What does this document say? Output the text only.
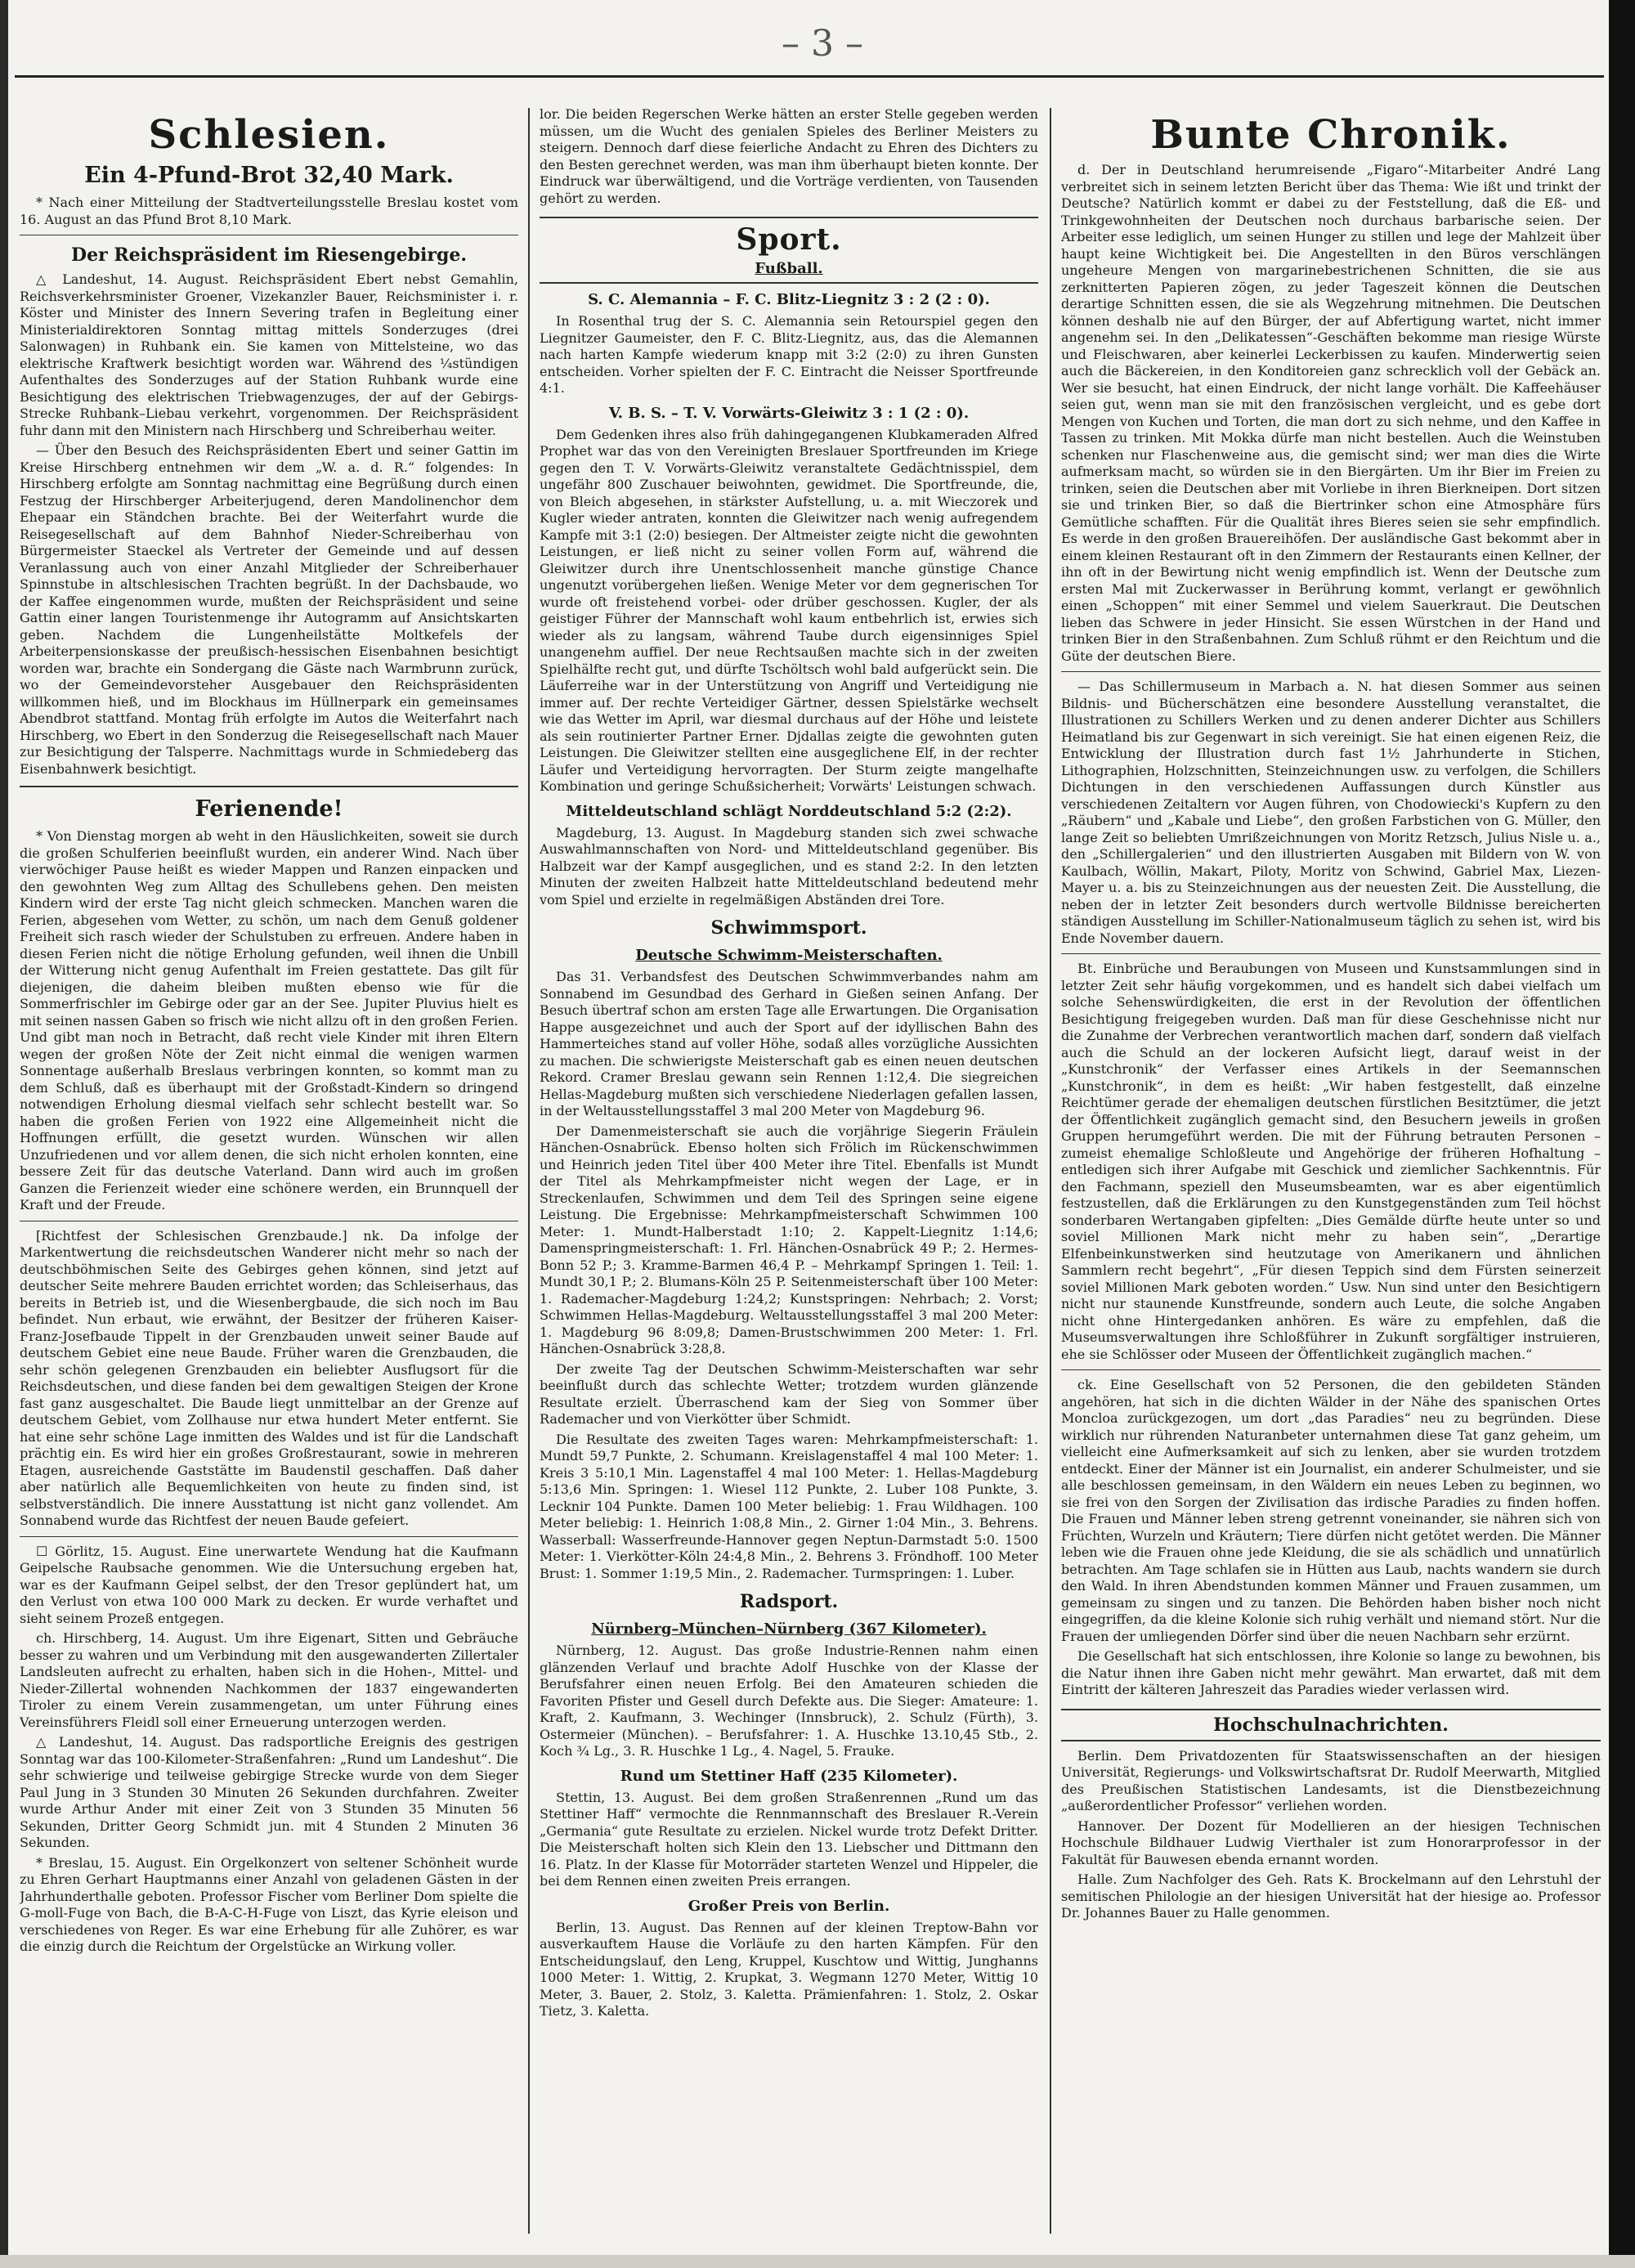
– 3 –
Schlesien.
Ein 4-Pfund-Brot 32,40 Mark.

* Nach einer Mitteilung der Stadtverteilungsstelle Breslau kostet vom 16. August an das Pfund Brot 8,10 Mark.

Der Reichspräsident im Riesengebirge.

△ Landeshut, 14. August. Reichspräsident Ebert nebst Gemahlin, Reichsverkehrsminister Groener, Vizekanzler Bauer, Reichsminister i. r. Köster und Minister des Innern Severing trafen in Begleitung einer Ministerialdirektoren Sonntag mittag mittels Sonderzuges (drei Salonwagen) in Ruhbank ein. Sie kamen von Mittelsteine, wo das elektrische Kraftwerk besichtigt worden war. Während des ¼stündigen Aufenthaltes des Sonderzuges auf der Station Ruhbank wurde eine Besichtigung des elektrischen Triebwagenzuges, der auf der Gebirgs-Strecke Ruhbank–Liebau verkehrt, vorgenommen. Der Reichspräsident fuhr dann mit den Ministern nach Hirschberg und Schreiberhau weiter.

— Über den Besuch des Reichspräsidenten Ebert und seiner Gattin im Kreise Hirschberg entnehmen wir dem „W. a. d. R.“ folgendes: In Hirschberg erfolgte am Sonntag nachmittag eine Begrüßung durch einen Festzug der Hirschberger Arbeiterjugend, deren Mandolinenchor dem Ehepaar ein Ständchen brachte. Bei der Weiterfahrt wurde die Reisegesellschaft auf dem Bahnhof Nieder-Schreiberhau von Bürgermeister Staeckel als Vertreter der Gemeinde und auf dessen Veranlassung auch von einer Anzahl Mitglieder der Schreiberhauer Spinnstube in altschlesischen Trachten begrüßt. In der Dachsbaude, wo der Kaffee eingenommen wurde, mußten der Reichspräsident und seine Gattin einer langen Touristenmenge ihr Autogramm auf Ansichtskarten geben. Nachdem die Lungenheilstätte Moltkefels der Arbeiterpensionskasse der preußisch-hessischen Eisenbahnen besichtigt worden war, brachte ein Sondergang die Gäste nach Warmbrunn zurück, wo der Gemeindevorsteher Ausgebauer den Reichspräsidenten willkommen hieß, und im Blockhaus im Hüllnerpark ein gemeinsames Abendbrot stattfand. Montag früh erfolgte im Autos die Weiterfahrt nach Hirschberg, wo Ebert in den Sonderzug die Reisegesellschaft nach Mauer zur Besichtigung der Talsperre. Nachmittags wurde in Schmiedeberg das Eisenbahnwerk besichtigt.

Ferienende!

* Von Dienstag morgen ab weht in den Häuslichkeiten, soweit sie durch die großen Schulferien beeinflußt wurden, ein anderer Wind. Nach über vierwöchiger Pause heißt es wieder Mappen und Ranzen einpacken und den gewohnten Weg zum Alltag des Schullebens gehen. Den meisten Kindern wird der erste Tag nicht gleich schmecken. Manchen waren die Ferien, abgesehen vom Wetter, zu schön, um nach dem Genuß goldener Freiheit sich rasch wieder der Schulstuben zu erfreuen. Andere haben in diesen Ferien nicht die nötige Erholung gefunden, weil ihnen die Unbill der Witterung nicht genug Aufenthalt im Freien gestattete. Das gilt für diejenigen, die daheim bleiben mußten ebenso wie für die Sommerfrischler im Gebirge oder gar an der See. Jupiter Pluvius hielt es mit seinen nassen Gaben so frisch wie nicht allzu oft in den großen Ferien. Und gibt man noch in Betracht, daß recht viele Kinder mit ihren Eltern wegen der großen Nöte der Zeit nicht einmal die wenigen warmen Sonnentage außerhalb Breslaus verbringen konnten, so kommt man zu dem Schluß, daß es überhaupt mit der Großstadt-Kindern so dringend notwendigen Erholung diesmal vielfach sehr schlecht bestellt war. So haben die großen Ferien von 1922 eine Allgemeinheit nicht die Hoffnungen erfüllt, die gesetzt wurden. Wünschen wir allen Unzufriedenen und vor allem denen, die sich nicht erholen konnten, eine bessere Zeit für das deutsche Vaterland. Dann wird auch im großen Ganzen die Ferienzeit wieder eine schönere werden, ein Brunnquell der Kraft und der Freude.

[Richtfest der Schlesischen Grenzbaude.] nk. Da infolge der Markentwertung die reichsdeutschen Wanderer nicht mehr so nach der deutschböhmischen Seite des Gebirges gehen können, sind jetzt auf deutscher Seite mehrere Bauden errichtet worden; das Schleiserhaus, das bereits in Betrieb ist, und die Wiesenbergbaude, die sich noch im Bau befindet. Nun erbaut, wie erwähnt, der Besitzer der früheren Kaiser-Franz-Josefbaude Tippelt in der Grenzbauden unweit seiner Baude auf deutschem Gebiet eine neue Baude. Früher waren die Grenzbauden, die sehr schön gelegenen Grenzbauden ein beliebter Ausflugsort für die Reichsdeutschen, und diese fanden bei dem gewaltigen Steigen der Krone fast ganz ausgeschaltet. Die Baude liegt unmittelbar an der Grenze auf deutschem Gebiet, vom Zollhause nur etwa hundert Meter entfernt. Sie hat eine sehr schöne Lage inmitten des Waldes und ist für die Landschaft prächtig ein. Es wird hier ein großes Großrestaurant, sowie in mehreren Etagen, ausreichende Gaststätte im Baudenstil geschaffen. Daß daher aber natürlich alle Bequemlichkeiten von heute zu finden sind, ist selbstverständlich. Die innere Ausstattung ist nicht ganz vollendet. Am Sonnabend wurde das Richtfest der neuen Baude gefeiert.

☐ Görlitz, 15. August. Eine unerwartete Wendung hat die Kaufmann Geipelsche Raubsache genommen. Wie die Untersuchung ergeben hat, war es der Kaufmann Geipel selbst, der den Tresor geplündert hat, um den Verlust von etwa 100 000 Mark zu decken. Er wurde verhaftet und sieht seinem Prozeß entgegen.

ch. Hirschberg, 14. August. Um ihre Eigenart, Sitten und Gebräuche besser zu wahren und um Verbindung mit den ausgewanderten Zillertaler Landsleuten aufrecht zu erhalten, haben sich in die Hohen-, Mittel- und Nieder-Zillertal wohnenden Nachkommen der 1837 eingewanderten Tiroler zu einem Verein zusammengetan, um unter Führung eines Vereinsführers Fleidl soll einer Erneuerung unterzogen werden.

△ Landeshut, 14. August. Das radsportliche Ereignis des gestrigen Sonntag war das 100-Kilometer-Straßenfahren: „Rund um Landeshut“. Die sehr schwierige und teilweise gebirgige Strecke wurde von dem Sieger Paul Jung in 3 Stunden 30 Minuten 26 Sekunden durchfahren. Zweiter wurde Arthur Ander mit einer Zeit von 3 Stunden 35 Minuten 56 Sekunden, Dritter Georg Schmidt jun. mit 4 Stunden 2 Minuten 36 Sekunden.

* Breslau, 15. August. Ein Orgelkonzert von seltener Schönheit wurde zu Ehren Gerhart Hauptmanns einer Anzahl von geladenen Gästen in der Jahrhunderthalle geboten. Professor Fischer vom Berliner Dom spielte die G-moll-Fuge von Bach, die B-A-C-H-Fuge von Liszt, das Kyrie eleison und verschiedenes von Reger. Es war eine Erhebung für alle Zuhörer, es war die einzig durch die Reichtum der Orgelstücke an Wirkung voller.

lor. Die beiden Regerschen Werke hätten an erster Stelle gegeben werden müssen, um die Wucht des genialen Spieles des Berliner Meisters zu steigern. Dennoch darf diese feierliche Andacht zu Ehren des Dichters zu den Besten gerechnet werden, was man ihm überhaupt bieten konnte. Der Eindruck war überwältigend, und die Vorträge verdienten, von Tausenden gehört zu werden.

Sport.
Fußball.
S. C. Alemannia – F. C. Blitz-Liegnitz 3 : 2 (2 : 0).

In Rosenthal trug der S. C. Alemannia sein Retourspiel gegen den Liegnitzer Gaumeister, den F. C. Blitz-Liegnitz, aus, das die Alemannen nach harten Kampfe wiederum knapp mit 3:2 (2:0) zu ihren Gunsten entscheiden. Vorher spielten der F. C. Eintracht die Neisser Sportfreunde 4:1.

V. B. S. – T. V. Vorwärts-Gleiwitz 3 : 1 (2 : 0).

Dem Gedenken ihres also früh dahingegangenen Klubkameraden Alfred Prophet war das von den Vereinigten Breslauer Sportfreunden im Kriege gegen den T. V. Vorwärts-Gleiwitz veranstaltete Gedächtnisspiel, dem ungefähr 800 Zuschauer beiwohnten, gewidmet. Die Sportfreunde, die, von Bleich abgesehen, in stärkster Aufstellung, u. a. mit Wieczorek und Kugler wieder antraten, konnten die Gleiwitzer nach wenig aufregendem Kampfe mit 3:1 (2:0) besiegen. Der Altmeister zeigte nicht die gewohnten Leistungen, er ließ nicht zu seiner vollen Form auf, während die Gleiwitzer durch ihre Unentschlossenheit manche günstige Chance ungenutzt vorübergehen ließen. Wenige Meter vor dem gegnerischen Tor wurde oft freistehend vorbei- oder drüber geschossen. Kugler, der als geistiger Führer der Mannschaft wohl kaum entbehrlich ist, erwies sich wieder als zu langsam, während Taube durch eigensinniges Spiel unangenehm auffiel. Der neue Rechtsaußen machte sich in der zweiten Spielhälfte recht gut, und dürfte Tschöltsch wohl bald aufgerückt sein. Die Läuferreihe war in der Unterstützung von Angriff und Verteidigung nie immer auf. Der rechte Verteidiger Gärtner, dessen Spielstärke wechselt wie das Wetter im April, war diesmal durchaus auf der Höhe und leistete als sein routinierter Partner Erner. Djdallas zeigte die gewohnten guten Leistungen. Die Gleiwitzer stellten eine ausgeglichene Elf, in der rechter Läufer und Verteidigung hervorragten. Der Sturm zeigte mangelhafte Kombination und geringe Schußsicherheit; Vorwärts' Leistungen schwach.

Mitteldeutschland schlägt Norddeutschland 5:2 (2:2).

Magdeburg, 13. August. In Magdeburg standen sich zwei schwache Auswahlmannschaften von Nord- und Mitteldeutschland gegenüber. Bis Halbzeit war der Kampf ausgeglichen, und es stand 2:2. In den letzten Minuten der zweiten Halbzeit hatte Mitteldeutschland bedeutend mehr vom Spiel und erzielte in regelmäßigen Abständen drei Tore.

Schwimmsport.
Deutsche Schwimm-Meisterschaften.

Das 31. Verbandsfest des Deutschen Schwimmverbandes nahm am Sonnabend im Gesundbad des Gerhard in Gießen seinen Anfang. Der Besuch übertraf schon am ersten Tage alle Erwartungen. Die Organisation Happe ausgezeichnet und auch der Sport auf der idyllischen Bahn des Hammerteiches stand auf voller Höhe, sodaß alles vorzügliche Aussichten zu machen. Die schwierigste Meisterschaft gab es einen neuen deutschen Rekord. Cramer Breslau gewann sein Rennen 1:12,4. Die siegreichen Hellas-Magdeburg mußten sich verschiedene Niederlagen gefallen lassen, in der Weltausstellungsstaffel 3 mal 200 Meter von Magdeburg 96.

Der Damenmeisterschaft sie auch die vorjährige Siegerin Fräulein Hänchen-Osnabrück. Ebenso holten sich Frölich im Rückenschwimmen und Heinrich jeden Titel über 400 Meter ihre Titel. Ebenfalls ist Mundt der Titel als Mehrkampfmeister nicht wegen der Lage, er in Streckenlaufen, Schwimmen und dem Teil des Springen seine eigene Leistung. Die Ergebnisse: Mehrkampfmeisterschaft Schwimmen 100 Meter: 1. Mundt-Halberstadt 1:10; 2. Kappelt-Liegnitz 1:14,6; Damenspringmeisterschaft: 1. Frl. Hänchen-Osnabrück 49 P.; 2. Hermes-Bonn 52 P.; 3. Kramme-Barmen 46,4 P. – Mehrkampf Springen 1. Teil: 1. Mundt 30,1 P.; 2. Blumans-Köln 25 P. Seitenmeisterschaft über 100 Meter: 1. Rademacher-Magdeburg 1:24,2; Kunstspringen: Nehrbach; 2. Vorst; Schwimmen Hellas-Magdeburg. Weltausstellungsstaffel 3 mal 200 Meter: 1. Magdeburg 96 8:09,8; Damen-Brustschwimmen 200 Meter: 1. Frl. Hänchen-Osnabrück 3:28,8.

Der zweite Tag der Deutschen Schwimm-Meisterschaften war sehr beeinflußt durch das schlechte Wetter; trotzdem wurden glänzende Resultate erzielt. Überraschend kam der Sieg von Sommer über Rademacher und von Vierkötter über Schmidt.

Die Resultate des zweiten Tages waren: Mehrkampfmeisterschaft: 1. Mundt 59,7 Punkte, 2. Schumann. Kreislagenstaffel 4 mal 100 Meter: 1. Kreis 3 5:10,1 Min. Lagenstaffel 4 mal 100 Meter: 1. Hellas-Magdeburg 5:13,6 Min. Springen: 1. Wiesel 112 Punkte, 2. Luber 108 Punkte, 3. Lecknir 104 Punkte. Damen 100 Meter beliebig: 1. Frau Wildhagen. 100 Meter beliebig: 1. Heinrich 1:08,8 Min., 2. Girner 1:04 Min., 3. Behrens. Wasserball: Wasserfreunde-Hannover gegen Neptun-Darmstadt 5:0. 1500 Meter: 1. Vierkötter-Köln 24:4,8 Min., 2. Behrens 3. Fröndhoff. 100 Meter Brust: 1. Sommer 1:19,5 Min., 2. Rademacher. Turmspringen: 1. Luber.

Radsport.
Nürnberg–München–Nürnberg (367 Kilometer).

Nürnberg, 12. August. Das große Industrie-Rennen nahm einen glänzenden Verlauf und brachte Adolf Huschke von der Klasse der Berufsfahrer einen neuen Erfolg. Bei den Amateuren schieden die Favoriten Pfister und Gesell durch Defekte aus. Die Sieger: Amateure: 1. Kraft, 2. Kaufmann, 3. Wechinger (Innsbruck), 2. Schulz (Fürth), 3. Ostermeier (München). – Berufsfahrer: 1. A. Huschke 13.10,45 Stb., 2. Koch ¾ Lg., 3. R. Huschke 1 Lg., 4. Nagel, 5. Frauke.

Rund um Stettiner Haff (235 Kilometer).

Stettin, 13. August. Bei dem großen Straßenrennen „Rund um das Stettiner Haff“ vermochte die Rennmannschaft des Breslauer R.-Verein „Germania“ gute Resultate zu erzielen. Nickel wurde trotz Defekt Dritter. Die Meisterschaft holten sich Klein den 13. Liebscher und Dittmann den 16. Platz. In der Klasse für Motorräder starteten Wenzel und Hippeler, die bei dem Rennen einen zweiten Preis errangen.

Großer Preis von Berlin.

Berlin, 13. August. Das Rennen auf der kleinen Treptow-Bahn vor ausverkauftem Hause die Vorläufe zu den harten Kämpfen. Für den Entscheidungslauf, den Leng, Kruppel, Kuschtow und Wittig, Junghanns 1000 Meter: 1. Wittig, 2. Krupkat, 3. Wegmann 1270 Meter, Wittig 10 Meter, 3. Bauer, 2. Stolz, 3. Kaletta. Prämienfahren: 1. Stolz, 2. Oskar Tietz, 3. Kaletta.

Bunte Chronik.

d. Der in Deutschland herumreisende „Figaro“-Mitarbeiter André Lang verbreitet sich in seinem letzten Bericht über das Thema: Wie ißt und trinkt der Deutsche? Natürlich kommt er dabei zu der Feststellung, daß die Eß- und Trinkgewohnheiten der Deutschen noch durchaus barbarische seien. Der Arbeiter esse lediglich, um seinen Hunger zu stillen und lege der Mahlzeit über haupt keine Wichtigkeit bei. Die Angestellten in den Büros verschlängen ungeheure Mengen von margarinebestrichenen Schnitten, die sie aus zerknitterten Papieren zögen, zu jeder Tageszeit können die Deutschen derartige Schnitten essen, die sie als Wegzehrung mitnehmen. Die Deutschen können deshalb nie auf den Bürger, der auf Abfertigung wartet, nicht immer angenehm sei. In den „Delikatessen“-Geschäften bekomme man riesige Würste und Fleischwaren, aber keinerlei Leckerbissen zu kaufen. Minderwertig seien auch die Bäckereien, in den Konditoreien ganz schrecklich voll der Gebäck an. Wer sie besucht, hat einen Eindruck, der nicht lange vorhält. Die Kaffeehäuser seien gut, wenn man sie mit den französischen vergleicht, und es gebe dort Mengen von Kuchen und Torten, die man dort zu sich nehme, und den Kaffee in Tassen zu trinken. Mit Mokka dürfe man nicht bestellen. Auch die Weinstuben schenken nur Flaschenweine aus, die gemischt sind; wer man dies die Wirte aufmerksam macht, so würden sie in den Biergärten. Um ihr Bier im Freien zu trinken, seien die Deutschen aber mit Vorliebe in ihren Bierkneipen. Dort sitzen sie und trinken Bier, so daß die Biertrinker schon eine Atmosphäre fürs Gemütliche schafften. Für die Qualität ihres Bieres seien sie sehr empfindlich. Es werde in den großen Brauereihöfen. Der ausländische Gast bekommt aber in einem kleinen Restaurant oft in den Zimmern der Restaurants einen Kellner, der ihn oft in der Bewirtung nicht wenig empfindlich ist. Wenn der Deutsche zum ersten Mal mit Zuckerwasser in Berührung kommt, verlangt er gewöhnlich einen „Schoppen“ mit einer Semmel und vielem Sauerkraut. Die Deutschen lieben das Schwere in jeder Hinsicht. Sie essen Würstchen in der Hand und trinken Bier in den Straßenbahnen. Zum Schluß rühmt er den Reichtum und die Güte der deutschen Biere.

— Das Schillermuseum in Marbach a. N. hat diesen Sommer aus seinen Bildnis- und Bücherschätzen eine besondere Ausstellung veranstaltet, die Illustrationen zu Schillers Werken und zu denen anderer Dichter aus Schillers Heimatland bis zur Gegenwart in sich vereinigt. Sie hat einen eigenen Reiz, die Entwicklung der Illustration durch fast 1½ Jahrhunderte in Stichen, Lithographien, Holzschnitten, Steinzeichnungen usw. zu verfolgen, die Schillers Dichtungen in den verschiedenen Auffassungen durch Künstler aus verschiedenen Zeitaltern vor Augen führen, von Chodowiecki's Kupfern zu den „Räubern“ und „Kabale und Liebe“, den großen Farbstichen von G. Müller, den lange Zeit so beliebten Umrißzeichnungen von Moritz Retzsch, Julius Nisle u. a., den „Schillergalerien“ und den illustrierten Ausgaben mit Bildern von W. von Kaulbach, Wöllin, Makart, Piloty, Moritz von Schwind, Gabriel Max, Liezen-Mayer u. a. bis zu Steinzeichnungen aus der neuesten Zeit. Die Ausstellung, die neben der in letzter Zeit besonders durch wertvolle Bildnisse bereicherten ständigen Ausstellung im Schiller-Nationalmuseum täglich zu sehen ist, wird bis Ende November dauern.

Bt. Einbrüche und Beraubungen von Museen und Kunstsammlungen sind in letzter Zeit sehr häufig vorgekommen, und es handelt sich dabei vielfach um solche Sehenswürdigkeiten, die erst in der Revolution der öffentlichen Besichtigung freigegeben wurden. Daß man für diese Geschehnisse nicht nur die Zunahme der Verbrechen verantwortlich machen darf, sondern daß vielfach auch die Schuld an der lockeren Aufsicht liegt, darauf weist in der „Kunstchronik“ der Verfasser eines Artikels in der Seemannschen „Kunstchronik“, in dem es heißt: „Wir haben festgestellt, daß einzelne Reichtümer gerade der ehemaligen deutschen fürstlichen Besitztümer, die jetzt der Öffentlichkeit zugänglich gemacht sind, den Besuchern jeweils in großen Gruppen herumgeführt werden. Die mit der Führung betrauten Personen – zumeist ehemalige Schloßleute und Angehörige der früheren Hofhaltung – entledigen sich ihrer Aufgabe mit Geschick und ziemlicher Sachkenntnis. Für den Fachmann, speziell den Museumsbeamten, war es aber eigentümlich festzustellen, daß die Erklärungen zu den Kunstgegenständen zum Teil höchst sonderbaren Wertangaben gipfelten: „Dies Gemälde dürfte heute unter so und soviel Millionen Mark nicht mehr zu haben sein“, „Derartige Elfenbeinkunstwerken sind heutzutage von Amerikanern und ähnlichen Sammlern recht begehrt“, „Für diesen Teppich sind dem Fürsten seinerzeit soviel Millionen Mark geboten worden.“ Usw. Nun sind unter den Besichtigern nicht nur staunende Kunstfreunde, sondern auch Leute, die solche Angaben nicht ohne Hintergedanken anhören. Es wäre zu empfehlen, daß die Museumsverwaltungen ihre Schloßführer in Zukunft sorgfältiger instruieren, ehe sie Schlösser oder Museen der Öffentlichkeit zugänglich machen.“

ck. Eine Gesellschaft von 52 Personen, die den gebildeten Ständen angehören, hat sich in die dichten Wälder in der Nähe des spanischen Ortes Moncloa zurückgezogen, um dort „das Paradies“ neu zu begründen. Diese wirklich nur rührenden Naturanbeter unternahmen diese Tat ganz geheim, um vielleicht eine Aufmerksamkeit auf sich zu lenken, aber sie wurden trotzdem entdeckt. Einer der Männer ist ein Journalist, ein anderer Schulmeister, und sie alle beschlossen gemeinsam, in den Wäldern ein neues Leben zu beginnen, wo sie frei von den Sorgen der Zivilisation das irdische Paradies zu finden hoffen. Die Frauen und Männer leben streng getrennt voneinander, sie nähren sich von Früchten, Wurzeln und Kräutern; Tiere dürfen nicht getötet werden. Die Männer leben wie die Frauen ohne jede Kleidung, die sie als schädlich und unnatürlich betrachten. Am Tage schlafen sie in Hütten aus Laub, nachts wandern sie durch den Wald. In ihren Abendstunden kommen Männer und Frauen zusammen, um gemeinsam zu singen und zu tanzen. Die Behörden haben bisher noch nicht eingegriffen, da die kleine Kolonie sich ruhig verhält und niemand stört. Nur die Frauen der umliegenden Dörfer sind über die neuen Nachbarn sehr erzürnt.

Die Gesellschaft hat sich entschlossen, ihre Kolonie so lange zu bewohnen, bis die Natur ihnen ihre Gaben nicht mehr gewährt. Man erwartet, daß mit dem Eintritt der kälteren Jahreszeit das Paradies wieder verlassen wird.

Hochschulnachrichten.

Berlin. Dem Privatdozenten für Staatswissenschaften an der hiesigen Universität, Regierungs- und Volkswirtschaftsrat Dr. Rudolf Meerwarth, Mitglied des Preußischen Statistischen Landesamts, ist die Dienstbezeichnung „außerordentlicher Professor“ verliehen worden.

Hannover. Der Dozent für Modellieren an der hiesigen Technischen Hochschule Bildhauer Ludwig Vierthaler ist zum Honorarprofessor in der Fakultät für Bauwesen ebenda ernannt worden.

Halle. Zum Nachfolger des Geh. Rats K. Brockelmann auf den Lehrstuhl der semitischen Philologie an der hiesigen Universität hat der hiesige ao. Professor Dr. Johannes Bauer zu Halle genommen.
